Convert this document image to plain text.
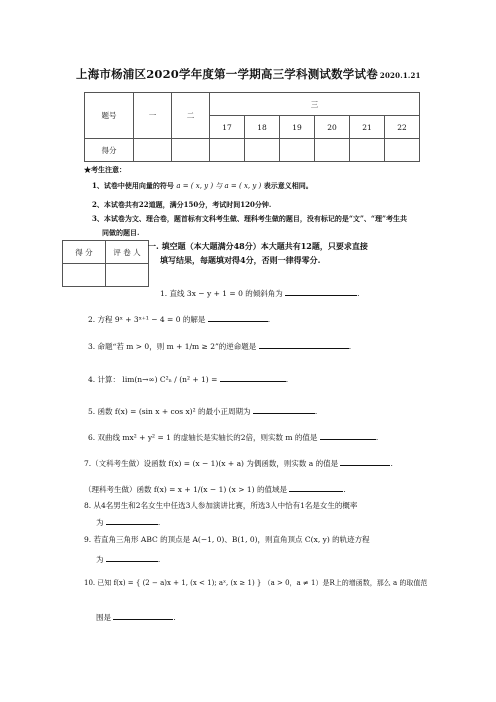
上海市杨浦区2020学年度第一学期高三学科测试数学试卷 2020.1.21
题号	一	二	三					
			17	18	19	20	21	22
得分								
★考生注意：
1、试卷中使用向量的符号 a = ( x, y ) 与 a = ( x, y ) 表示意义相同。
2、本试卷共有22道题，满分150分，考试时间120分钟.
3、本试卷为文、理合卷，题首标有文科考生做、理科考生做的题目，没有标记的是“文”、“理”考生共
同做的题目.
得 分	评 卷 人

一. 填空题（本大题满分48分）本大题共有12题，只要求直接
填写结果，每题填对得4分，否则一律得零分.
1. 直线 3x − y + 1 = 0 的倾斜角为	.
2. 方程 9ˣ + 3ˣ⁺¹ − 4 = 0 的解是	.
3. 命题“若 m > 0，则 m + 1/m ≥ 2”的逆命题是	.
4. 计算： lim(n→∞) C²ₙ / (n² + 1) =	.
5. 函数 f(x) = (sin x + cos x)² 的最小正周期为	.
6. 双曲线 mx² + y² = 1 的虚轴长是实轴长的2倍，则实数 m 的值是	.
7.（文科考生做）设函数 f(x) = (x − 1)(x + a) 为偶函数，则实数 a 的值是	.
（理科考生做）函数 f(x) = x + 1/(x − 1) (x > 1) 的值域是	.
8. 从4名男生和2名女生中任选3人参加演讲比赛，所选3人中恰有1名是女生的概率
为	.
9. 若直角三角形 ABC 的顶点是 A(−1, 0)、B(1, 0)，则直角顶点 C(x, y) 的轨迹方程
为	.
10. 已知 f(x) = { (2 − a)x + 1, (x < 1); aˣ, (x ≥ 1) } （a > 0，a ≠ 1）是R上的增函数，那么 a 的取值范
围是	.
